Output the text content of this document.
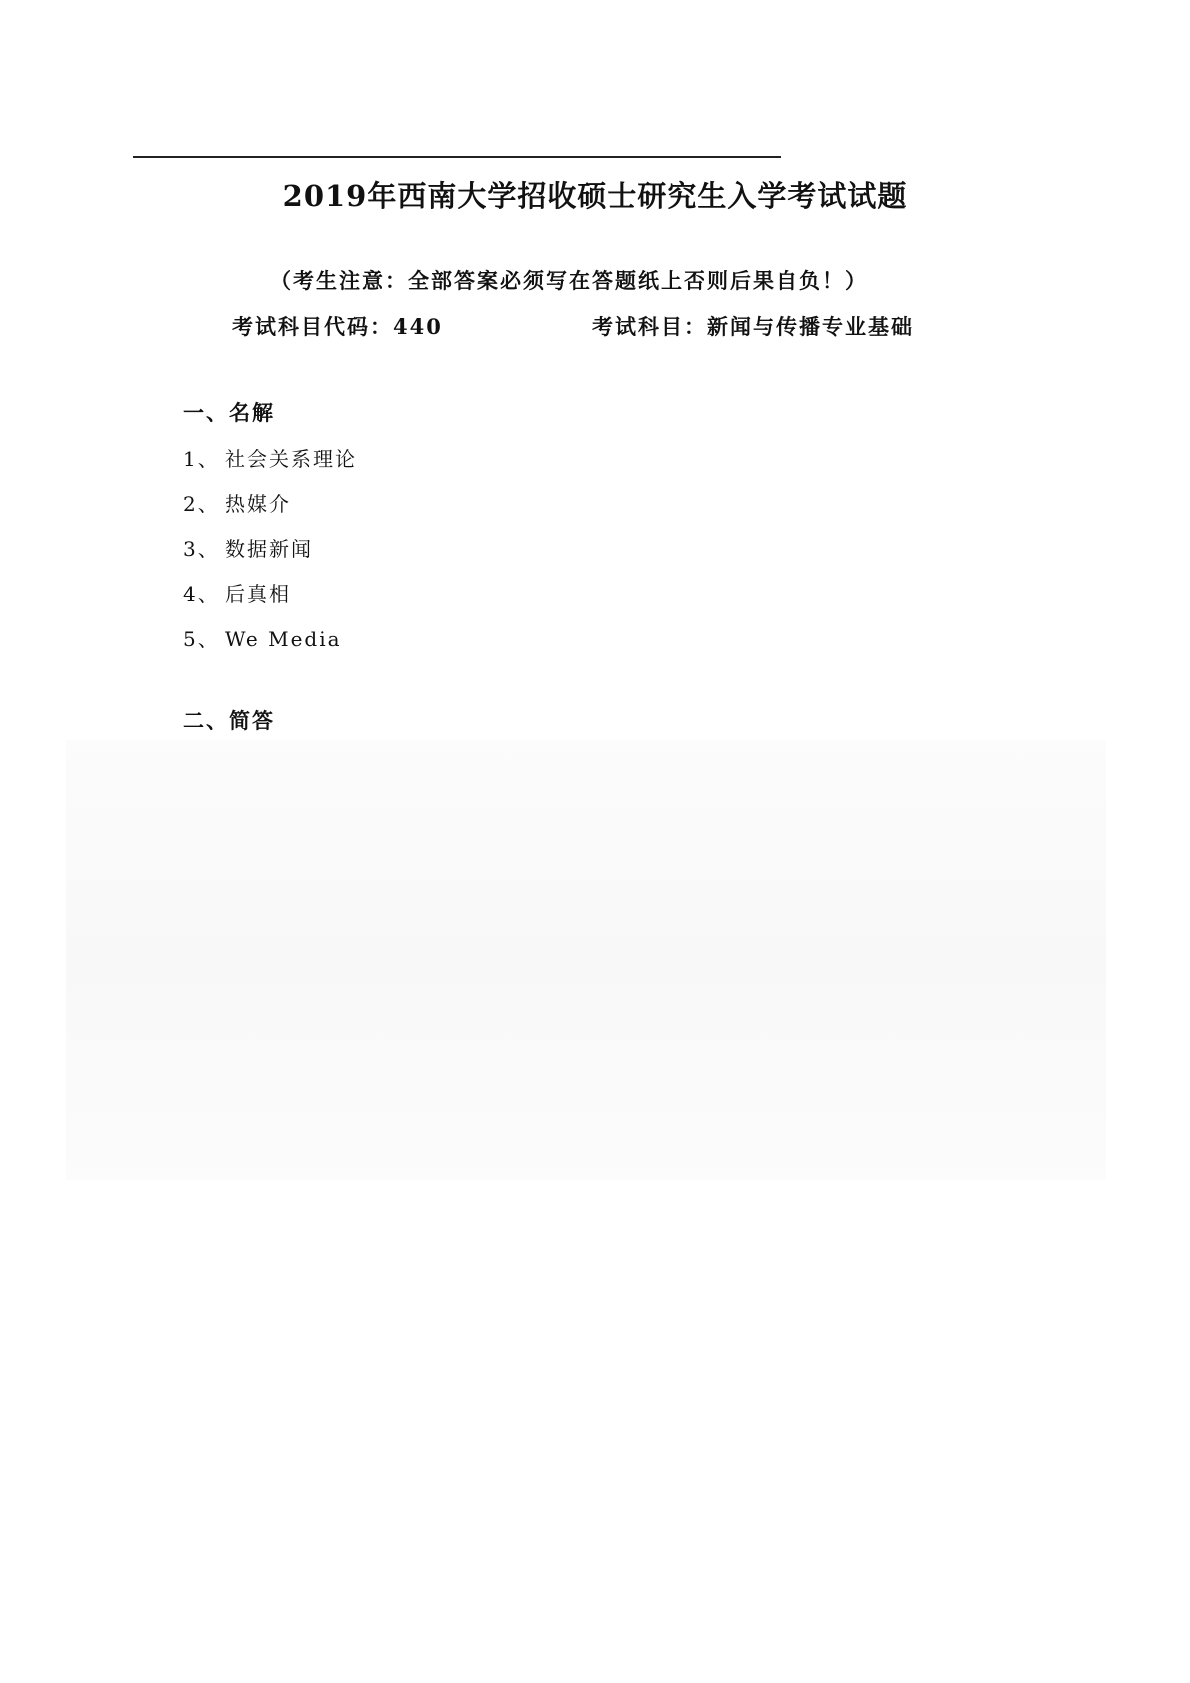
2019年西南大学招收硕士研究生入学考试试题
（考生注意：全部答案必须写在答题纸上否则后果自负！）
考试科目代码：440	考试科目：新闻与传播专业基础
一、名解
1、 社会关系理论
2、 热媒介
3、 数据新闻
4、 后真相
5、 We Media
二、简答
